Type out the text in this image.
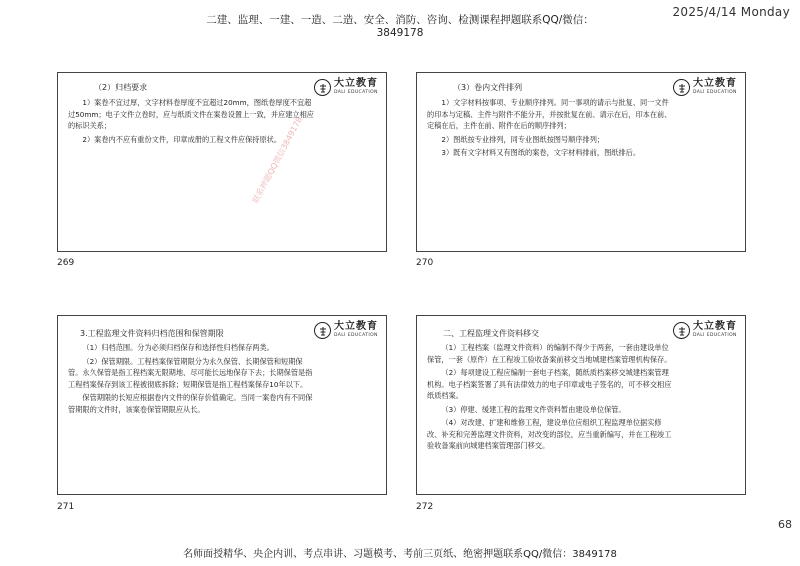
二建、监理、一建、一造、二造、安全、消防、咨询、检测课程押题联系QQ/微信：3849178
2025/4/14 Monday
大立教育
DALI EDUCATION
（2）归档要求

1）案卷不宜过厚，文字材料卷厚度不宜超过20mm，图纸卷厚度不宜超过50mm；电子文件立卷时，应与纸质文件在案卷设置上一致，并应建立相应的标识关系；

2）案卷内不应有重份文件，印章成册的工程文件应保持原状。

269
大立教育
DALI EDUCATION
（3）卷内文件排列

1）文字材料按事项、专业顺序排列。同一事项的请示与批复、同一文件的印本与定稿、主件与附件不能分开，并按批复在前、请示在后，印本在前、定稿在后，主件在前、附件在后的顺序排列；

2）图纸按专业排列，同专业图纸按图号顺序排列；

3）既有文字材料又有图纸的案卷，文字材料排前，图纸排后。

270
大立教育
DALI EDUCATION
3.工程监理文件资料归档范围和保管期限

（1）归档范围。分为必须归档保存和选择性归档保存两类。

（2）保管期限。工程档案保管期限分为永久保管、长期保管和短期保管。永久保管是指工程档案无限期地、尽可能长远地保存下去；长期保管是指工程档案保存到该工程被彻底拆除；短期保管是指工程档案保存10年以下。

保管期限的长短应根据卷内文件的保存价值确定。当同一案卷内有不同保管期限的文件时，该案卷保管期限应从长。

271
大立教育
DALI EDUCATION
二、工程监理文件资料移交

（1）工程档案（监理文件资料）的编制不得少于两套，一套由建设单位保管，一套（原件）在工程竣工验收备案前移交当地城建档案管理机构保存。

（2）每项建设工程应编制一套电子档案，随纸质档案移交城建档案管理机构。电子档案签署了具有法律效力的电子印章或电子签名的，可不移交相应纸质档案。

（3）停建、缓建工程的监理文件资料暂由建设单位保管。

（4）对改建、扩建和维修工程，建设单位应组织工程监理单位据实修改、补充和完善监理文件资料，对改变的部位，应当重新编写，并在工程竣工验收备案前向城建档案管理部门移交。

272
联系押题QQ微信3849178
68
名师面授精华、央企内训、考点串讲、习题模考、考前三页纸、绝密押题联系QQ/微信：3849178
